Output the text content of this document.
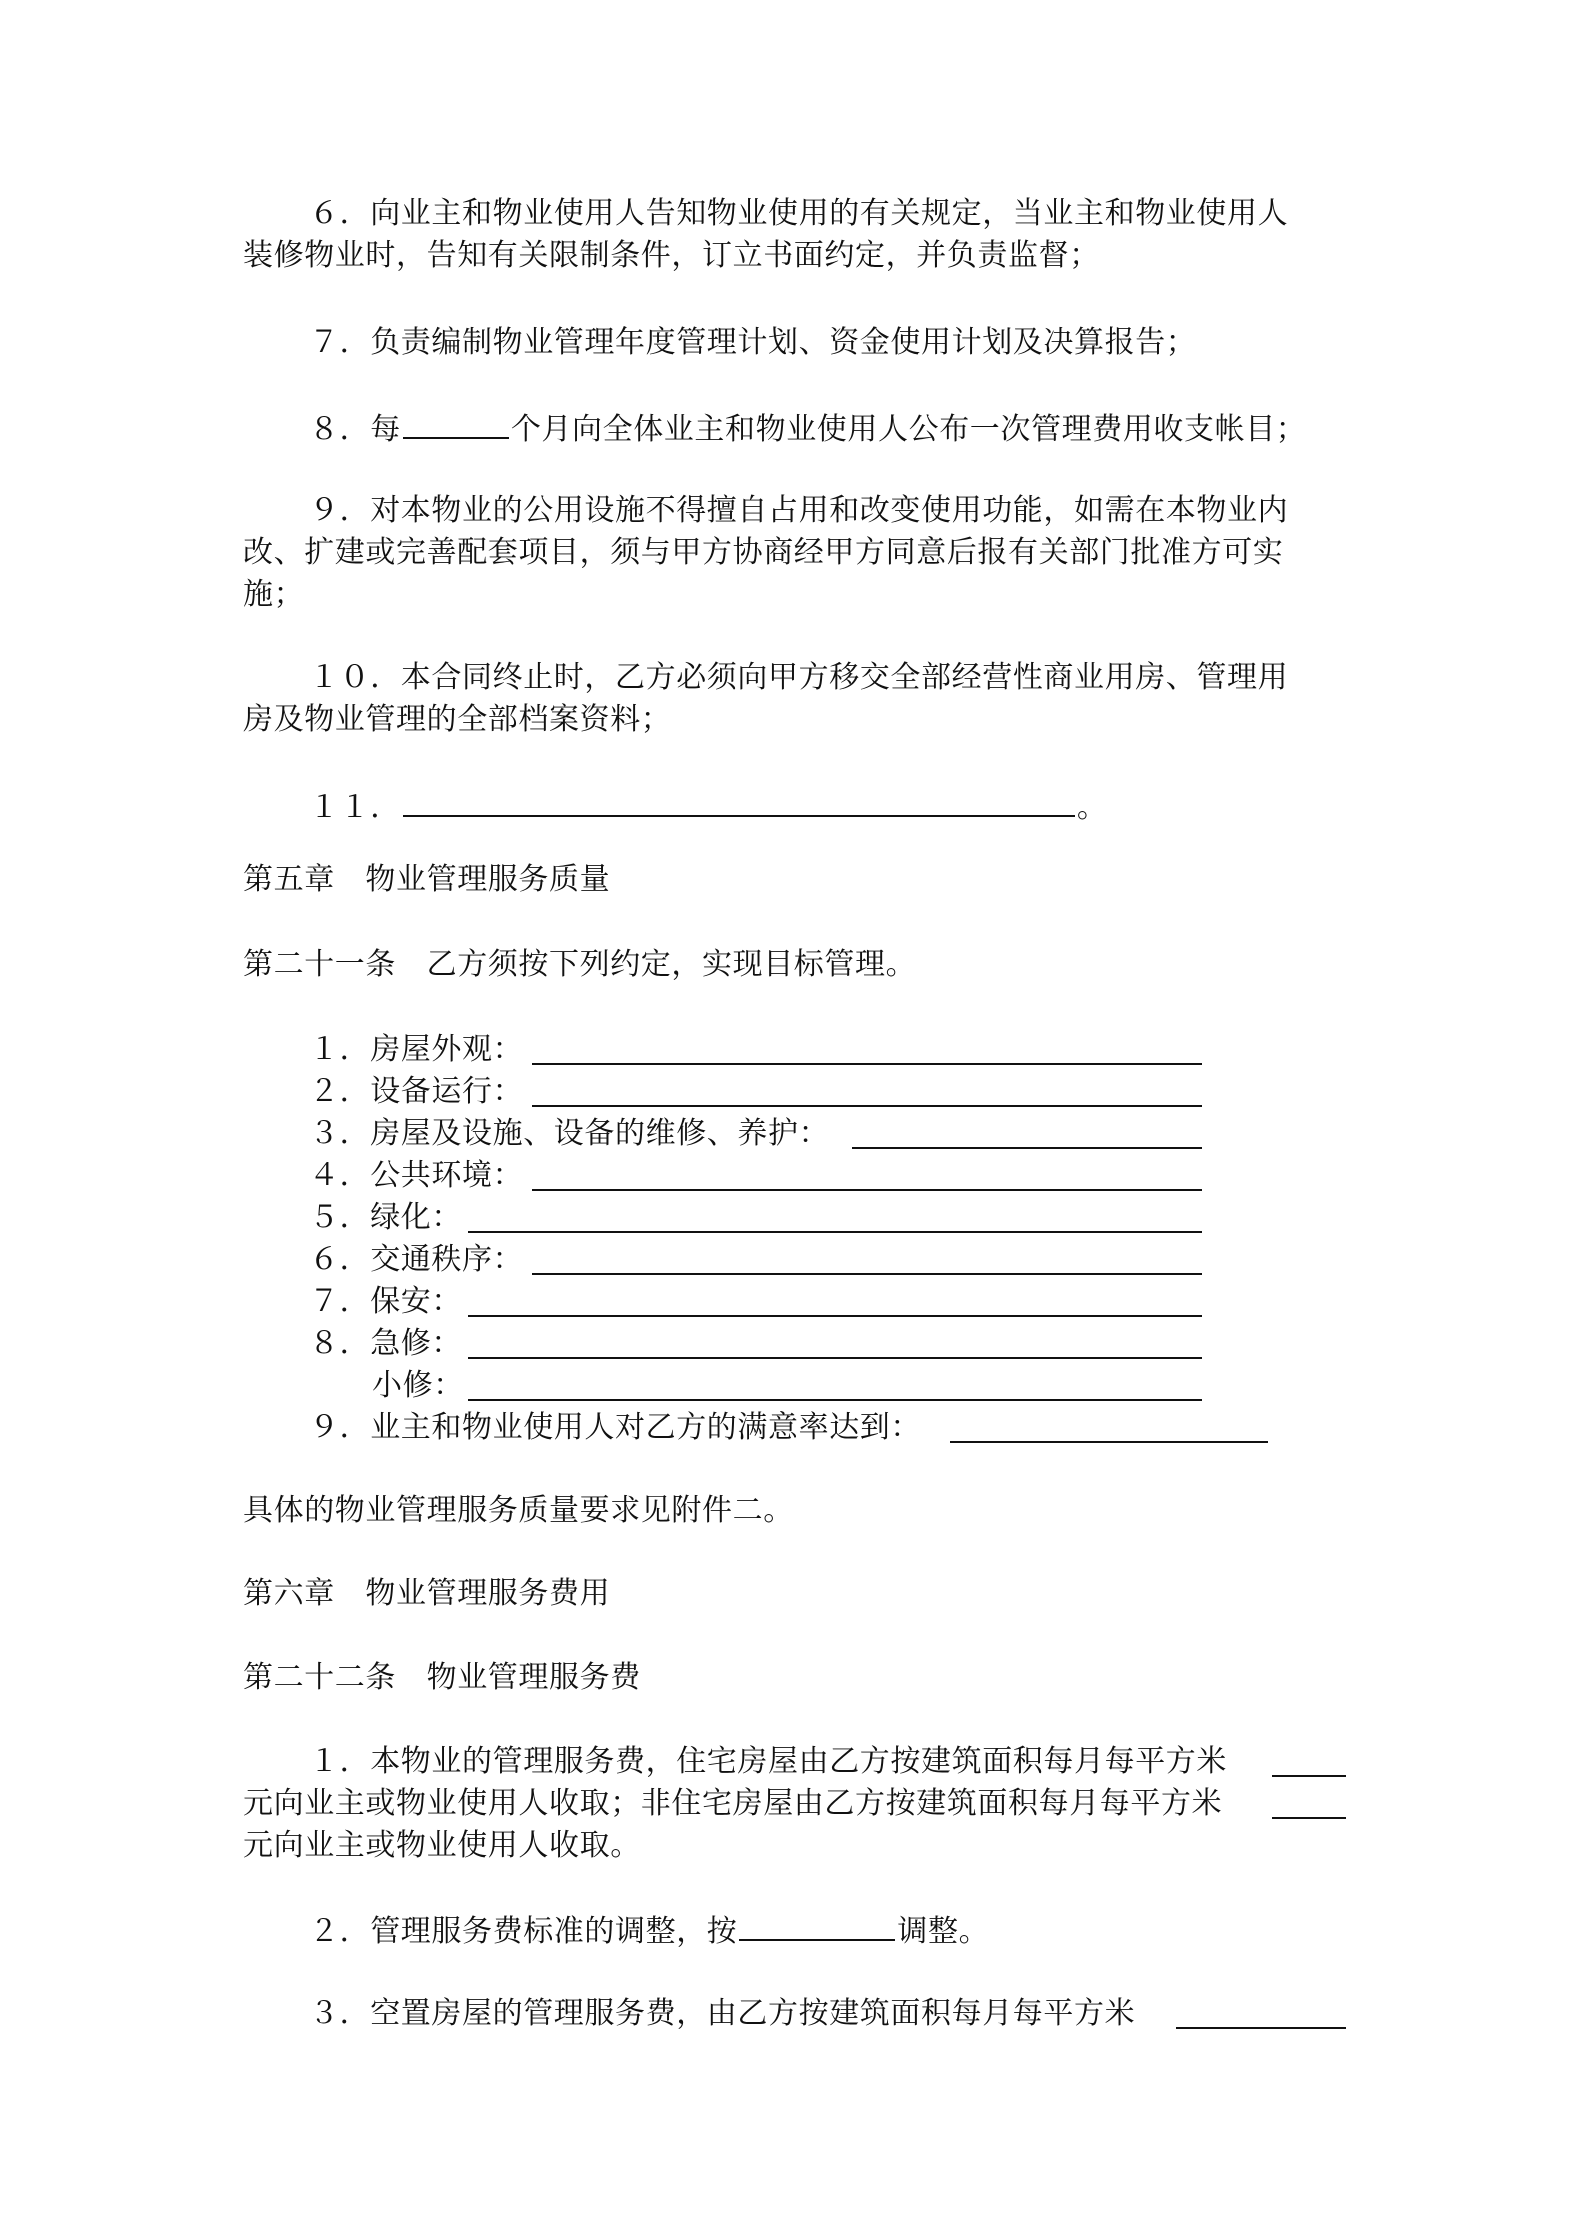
６．向业主和物业使用人告知物业使用的有关规定，当业主和物业使用人
装修物业时，告知有关限制条件，订立书面约定，并负责监督；
７．负责编制物业管理年度管理计划、资金使用计划及决算报告；
８．每	个月向全体业主和物业使用人公布一次管理费用收支帐目；
９．对本物业的公用设施不得擅自占用和改变使用功能，如需在本物业内
改、扩建或完善配套项目，须与甲方协商经甲方同意后报有关部门批准方可实
施；
１０．本合同终止时，乙方必须向甲方移交全部经营性商业用房、管理用
房及物业管理的全部档案资料；
１１．	。
第五章　物业管理服务质量
第二十一条　乙方须按下列约定，实现目标管理。
１．房屋外观：
２．设备运行：
３．房屋及设施、设备的维修、养护：
４．公共环境：
５．绿化：
６．交通秩序：
７．保安：
８．急修：
小修：
９．业主和物业使用人对乙方的满意率达到：
具体的物业管理服务质量要求见附件二。
第六章　物业管理服务费用
第二十二条　物业管理服务费
１．本物业的管理服务费，住宅房屋由乙方按建筑面积每月每平方米
元向业主或物业使用人收取；非住宅房屋由乙方按建筑面积每月每平方米
元向业主或物业使用人收取。
２．管理服务费标准的调整，按	调整。
３．空置房屋的管理服务费，由乙方按建筑面积每月每平方米
